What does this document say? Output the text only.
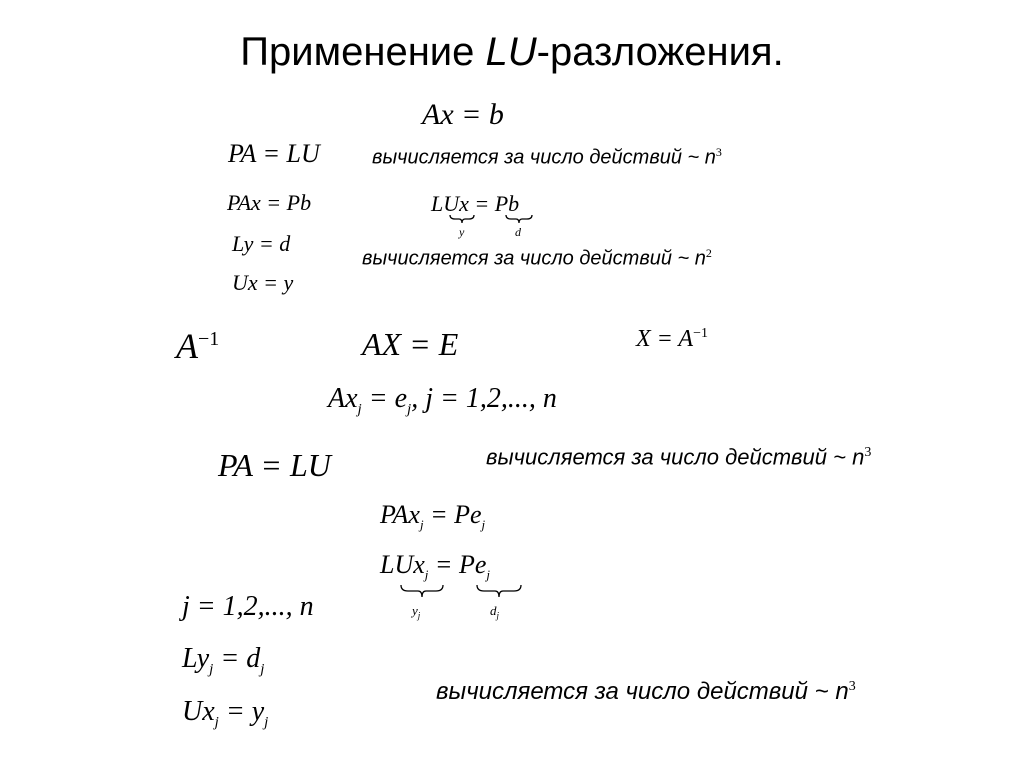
Применение LU-разложения.
Ax = b
PA = LU	вычисляется за число действий ~ $n^3$
PAx = Pb	LUx = Pb
y	d
Ly = d
вычисляется за число действий ~ $n^2$
Ux = y
$A^{-1}$	AX = E	$X = A^{-1}$
$Ax_j = e_j$, j = 1,2,..., n
PA = LU	вычисляется за число действий ~ $n^3$
$PAx_j = Pe_j$
$LUx_j = Pe_j$
$y_j$	$d_j$
j = 1,2,..., n
$Ly_j = d_j$
вычисляется за число действий ~ $n^3$
$Ux_j = y_j$
